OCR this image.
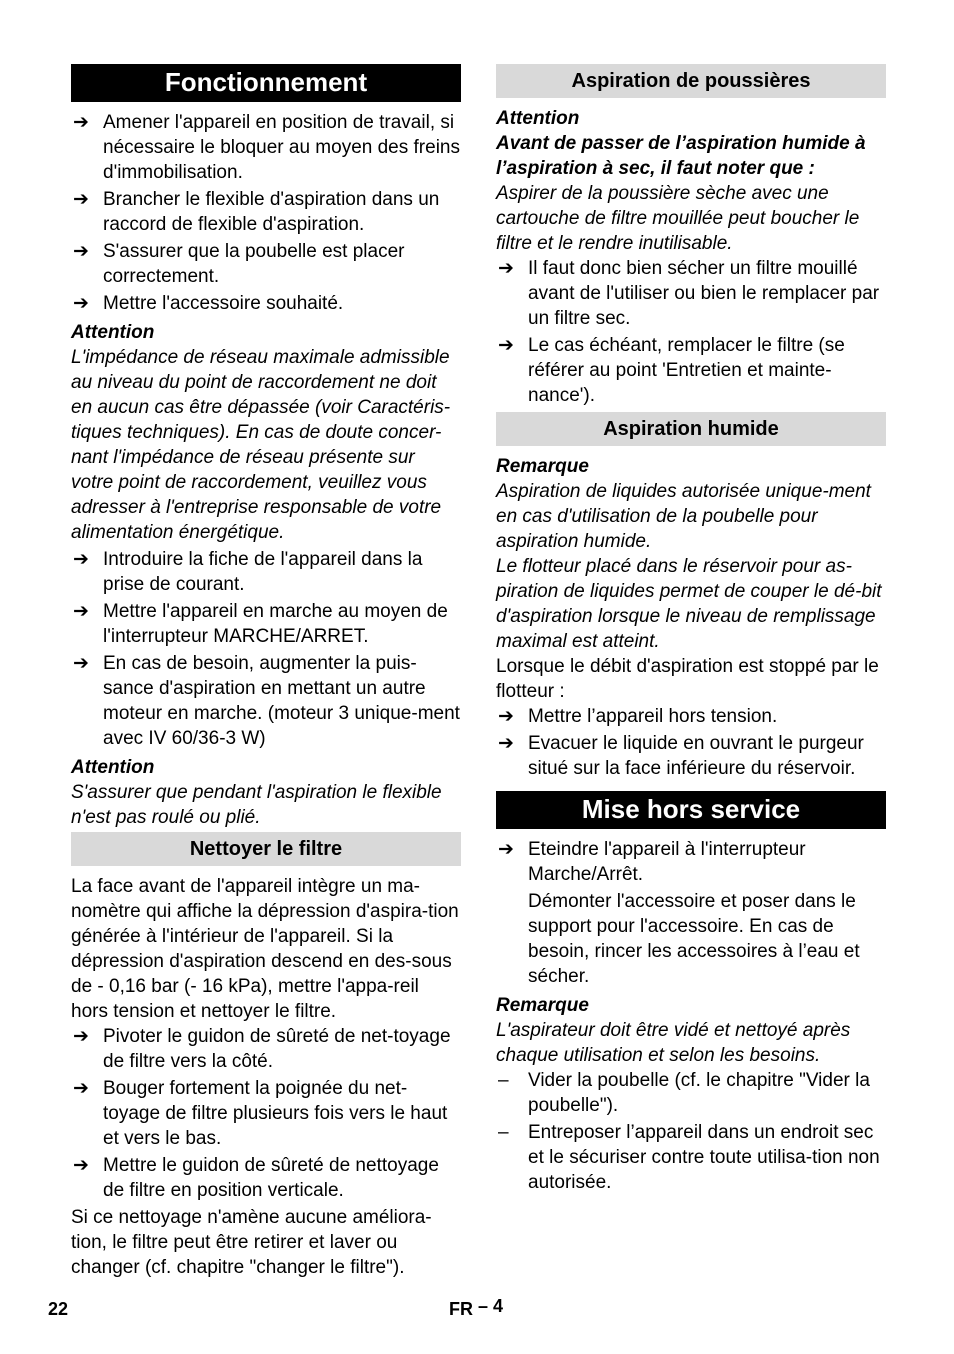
Fonctionnement
➔ Amener l'appareil en position de travail, si nécessaire le bloquer au moyen des freins d'immobilisation.
➔ Brancher le flexible d'aspiration dans un raccord de flexible d'aspiration.
➔ S'assurer que la poubelle est placer correctement.
➔ Mettre l'accessoire souhaité.
Attention
L'impédance de réseau maximale admissible au niveau du point de raccordement ne doit en aucun cas être dépassée (voir Caractéris-tiques techniques). En cas de doute concer-nant l'impédance de réseau présente sur votre point de raccordement, veuillez vous adresser à l'entreprise responsable de votre alimentation énergétique.
➔ Introduire la fiche de l'appareil dans la prise de courant.
➔ Mettre l'appareil en marche au moyen de l'interrupteur MARCHE/ARRET.
➔ En cas de besoin, augmenter la puis-sance d'aspiration en mettant un autre moteur en marche. (moteur 3 unique-ment avec IV 60/36-3 W)
Attention
S'assurer que pendant l'aspiration le flexible n'est pas roulé ou plié.
Nettoyer le filtre
La face avant de l'appareil intègre un ma-nomètre qui affiche la dépression d'aspira-tion générée à l'intérieur de l'appareil. Si la dépression d'aspiration descend en des-sous de - 0,16 bar (- 16 kPa), mettre l'appa-reil hors tension et nettoyer le filtre.
➔ Pivoter le guidon de sûreté de net-toyage de filtre vers la côté.
➔ Bouger fortement la poignée du net-toyage de filtre plusieurs fois vers le haut et vers le bas.
➔ Mettre le guidon de sûreté de nettoyage de filtre en position verticale.
Si ce nettoyage n'amène aucune améliora-tion, le filtre peut être retirer et laver ou changer (cf. chapitre "changer le filtre").
Aspiration de poussières
Attention
Avant de passer de l’aspiration humide à l’aspiration à sec, il faut noter que :
Aspirer de la poussière sèche avec une cartouche de filtre mouillée peut boucher le filtre et le rendre inutilisable.
➔ Il faut donc bien sécher un filtre mouillé avant de l'utiliser ou bien le remplacer par un filtre sec.
➔ Le cas échéant, remplacer le filtre (se référer au point 'Entretien et mainte-nance').
Aspiration humide
Remarque
Aspiration de liquides autorisée unique-ment en cas d'utilisation de la poubelle pour aspiration humide.
Le flotteur placé dans le réservoir pour as-piration de liquides permet de couper le dé-bit d'aspiration lorsque le niveau de remplissage maximal est atteint.
Lorsque le débit d'aspiration est stoppé par le flotteur :
➔ Mettre l’appareil hors tension.
➔ Evacuer le liquide en ouvrant le purgeur situé sur la face inférieure du réservoir.
Mise hors service
➔ Eteindre l'appareil à l'interrupteur Marche/Arrêt.
Démonter l'accessoire et poser dans le support pour l'accessoire. En cas de besoin, rincer les accessoires à l’eau et sécher.
Remarque
L'aspirateur doit être vidé et nettoyé après chaque utilisation et selon les besoins.
–	Vider la poubelle (cf. le chapitre "Vider la poubelle").
–	Entreposer l’appareil dans un endroit sec et le sécuriser contre toute utilisa-tion non autorisée.
22	FR – 4
